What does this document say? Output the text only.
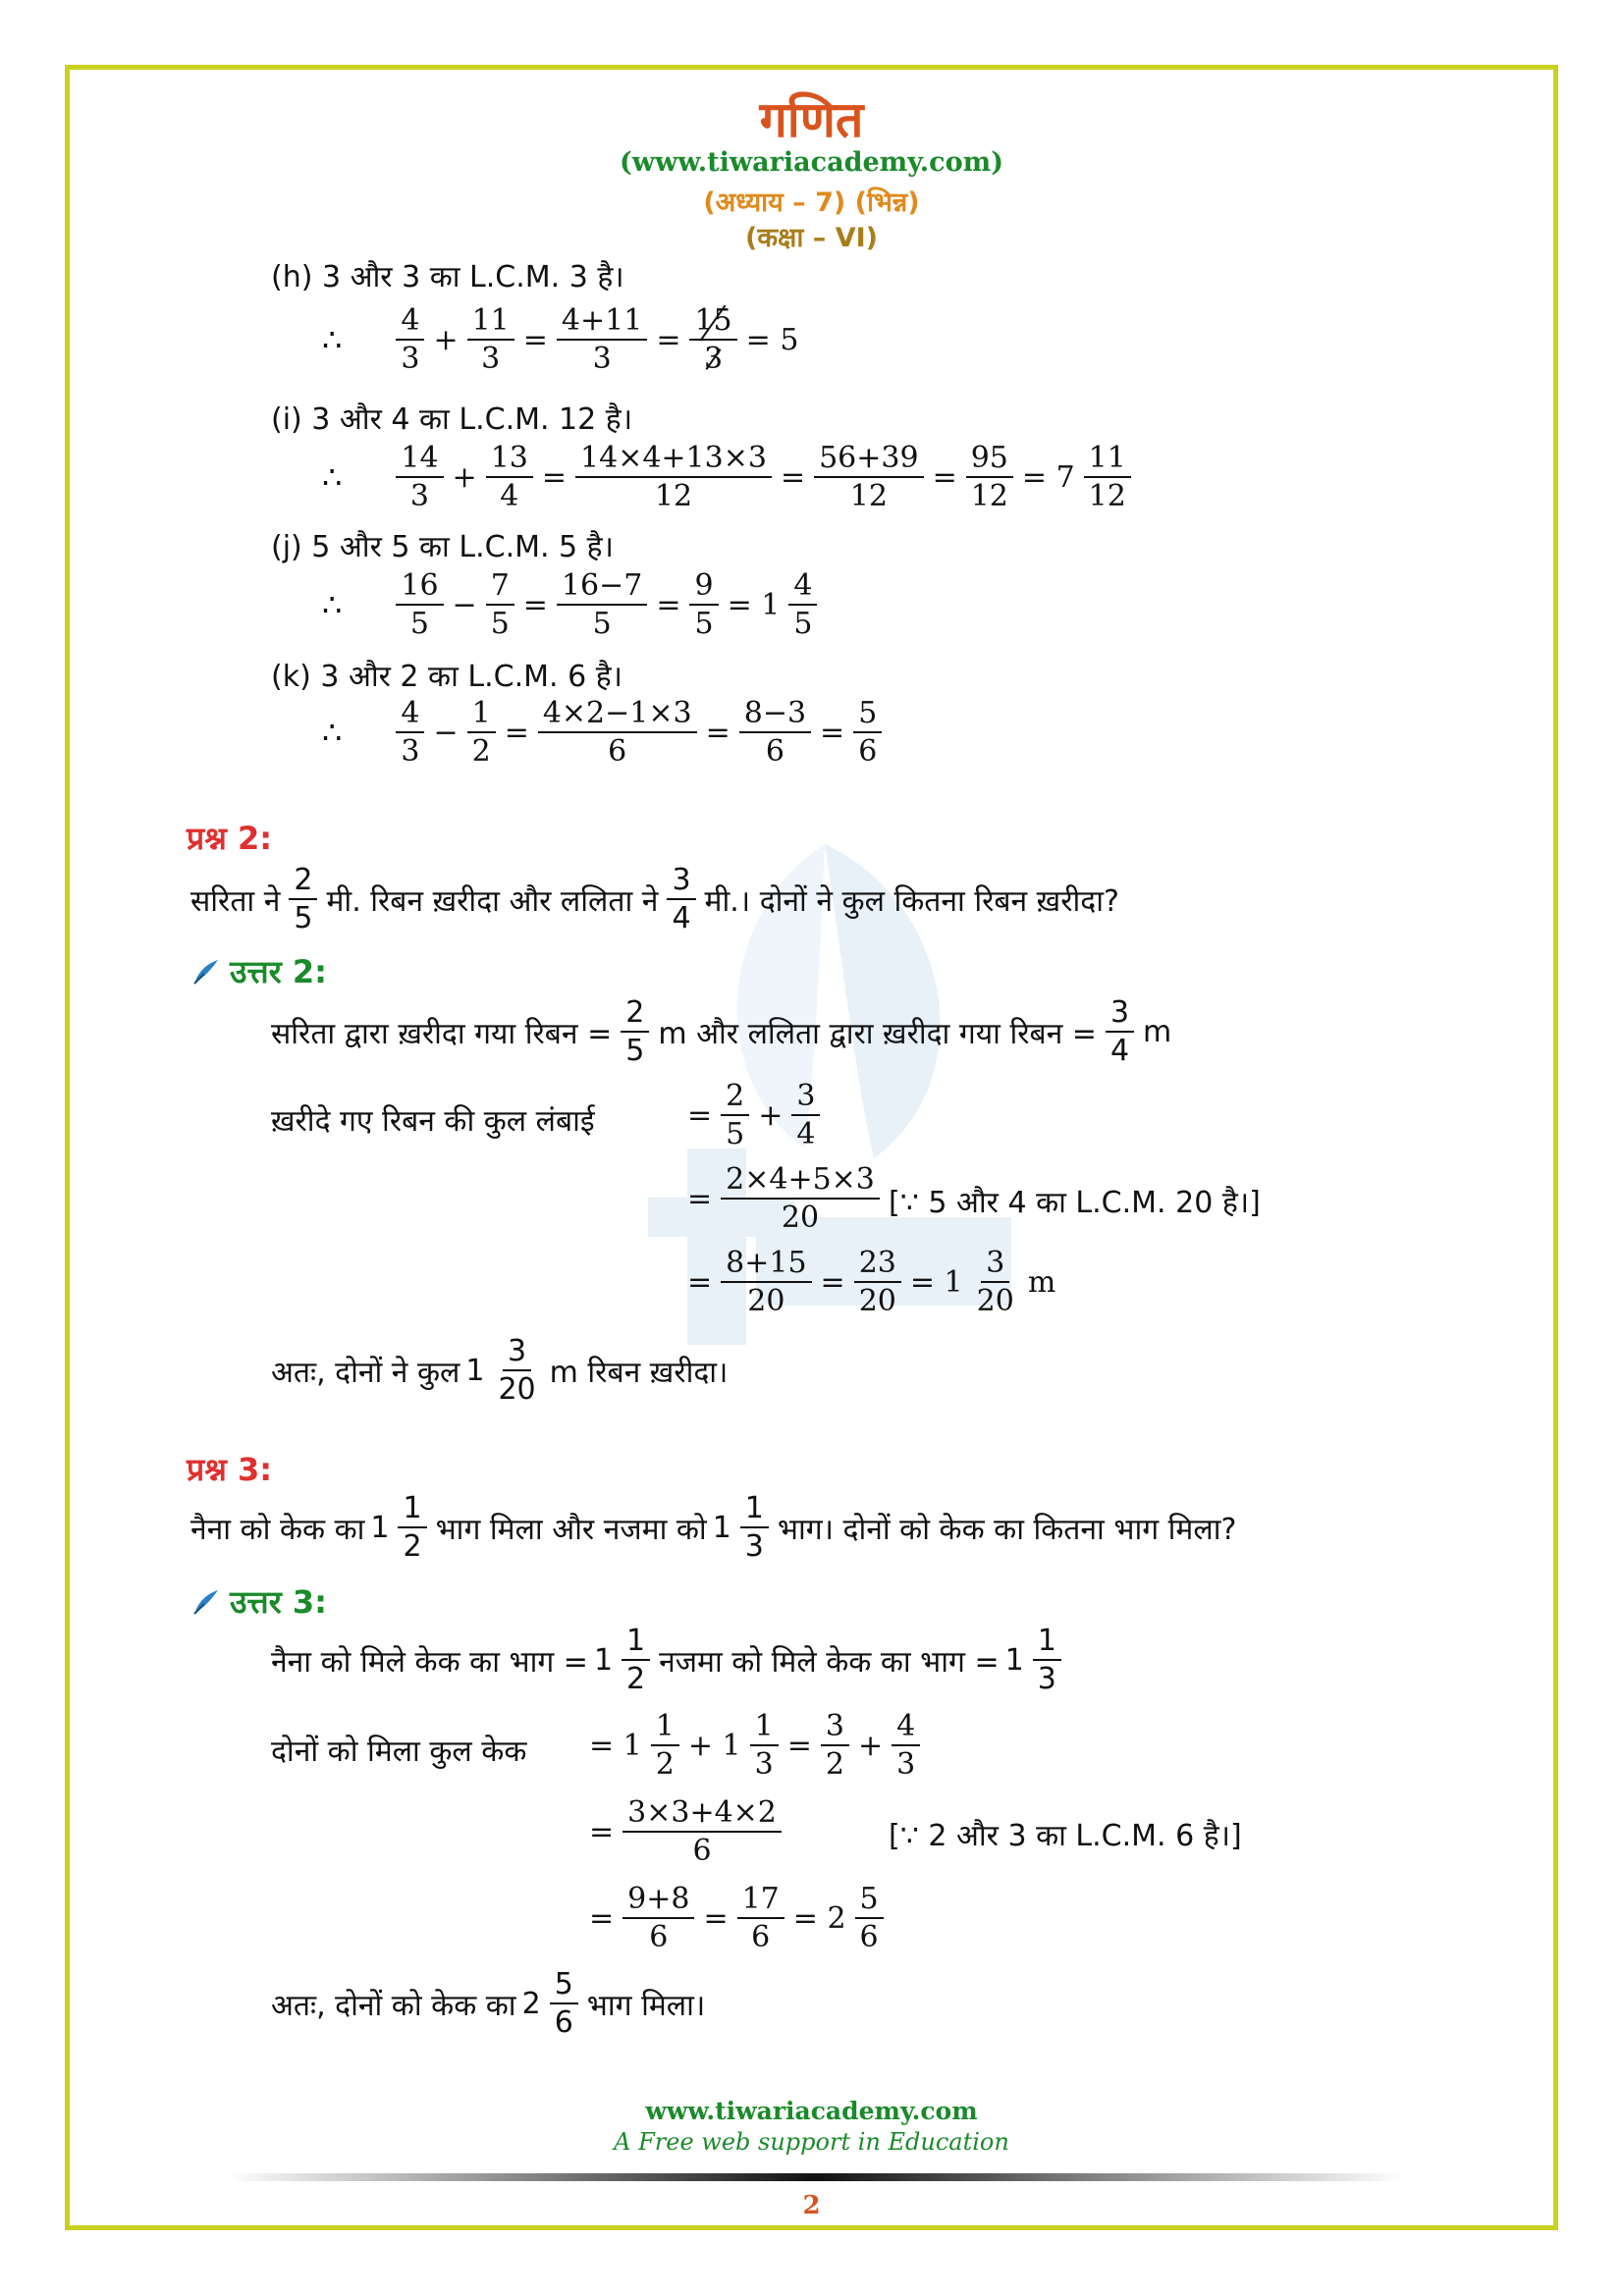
गणित
(www.tiwariacademy.com)
(अध्याय – 7) (भिन्न)
(कक्षा – VI)
(h) 3 और 3 का L.C.M. 3 है।
∴
4
3
+
11
3
=
4+11
3
=
15
3
= 5
(i) 3 और 4 का L.C.M. 12 है।
∴
14
3
+
13
4
=
14×4+13×3
12
=
56+39
12
=
95
12
= 7
11
12
(j) 5 और 5 का L.C.M. 5 है।
∴
16
5
−
7
5
=
16−7
5
=
9
5
= 1
4
5
(k) 3 और 2 का L.C.M. 6 है।
∴
4
3
−
1
2
=
4×2−1×3
6
=
8−3
6
=
5
6
प्रश्न 2:
सरिता ने
2
5 मी. रिबन ख़रीदा और ललिता ने
3
4 मी.। दोनों ने कुल कितना रिबन ख़रीदा?
उत्तर 2:
सरिता द्वारा ख़रीदा गया रिबन = $\frac{2}{5}$ m और ललिता द्वारा ख़रीदा गया रिबन = $\frac{3}{4}$ m
ख़रीदे गए रिबन की कुल लंबाई	=
2
5
+
3
4
=
2×4+5×3
20 [∵ 5 और 4 का L.C.M. 20 है।]
=
8+15
20
=
23
20
= 1
3
20
m
अतः, दोनों ने कुल 1
3
20 m रिबन ख़रीदा।
प्रश्न 3:
नैना को केक का 1
1
2 भाग मिला और नजमा को 1
1
3 भाग। दोनों को केक का कितना भाग मिला?
उत्तर 3:
नैना को मिले केक का भाग = 1
1
2 नजमा को मिले केक का भाग = 1
1
3
दोनों को मिला कुल केक = 1
1
2
+ 1
1
3
=
3
2
+
4
3
=
3×3+4×2
6	[∵ 2 और 3 का L.C.M. 6 है।]
=
9+8
6
=
17
6
= 2
5
6
अतः, दोनों को केक का 2
5
6 भाग मिला।
www.tiwariacademy.com
A Free web support in Education
2
